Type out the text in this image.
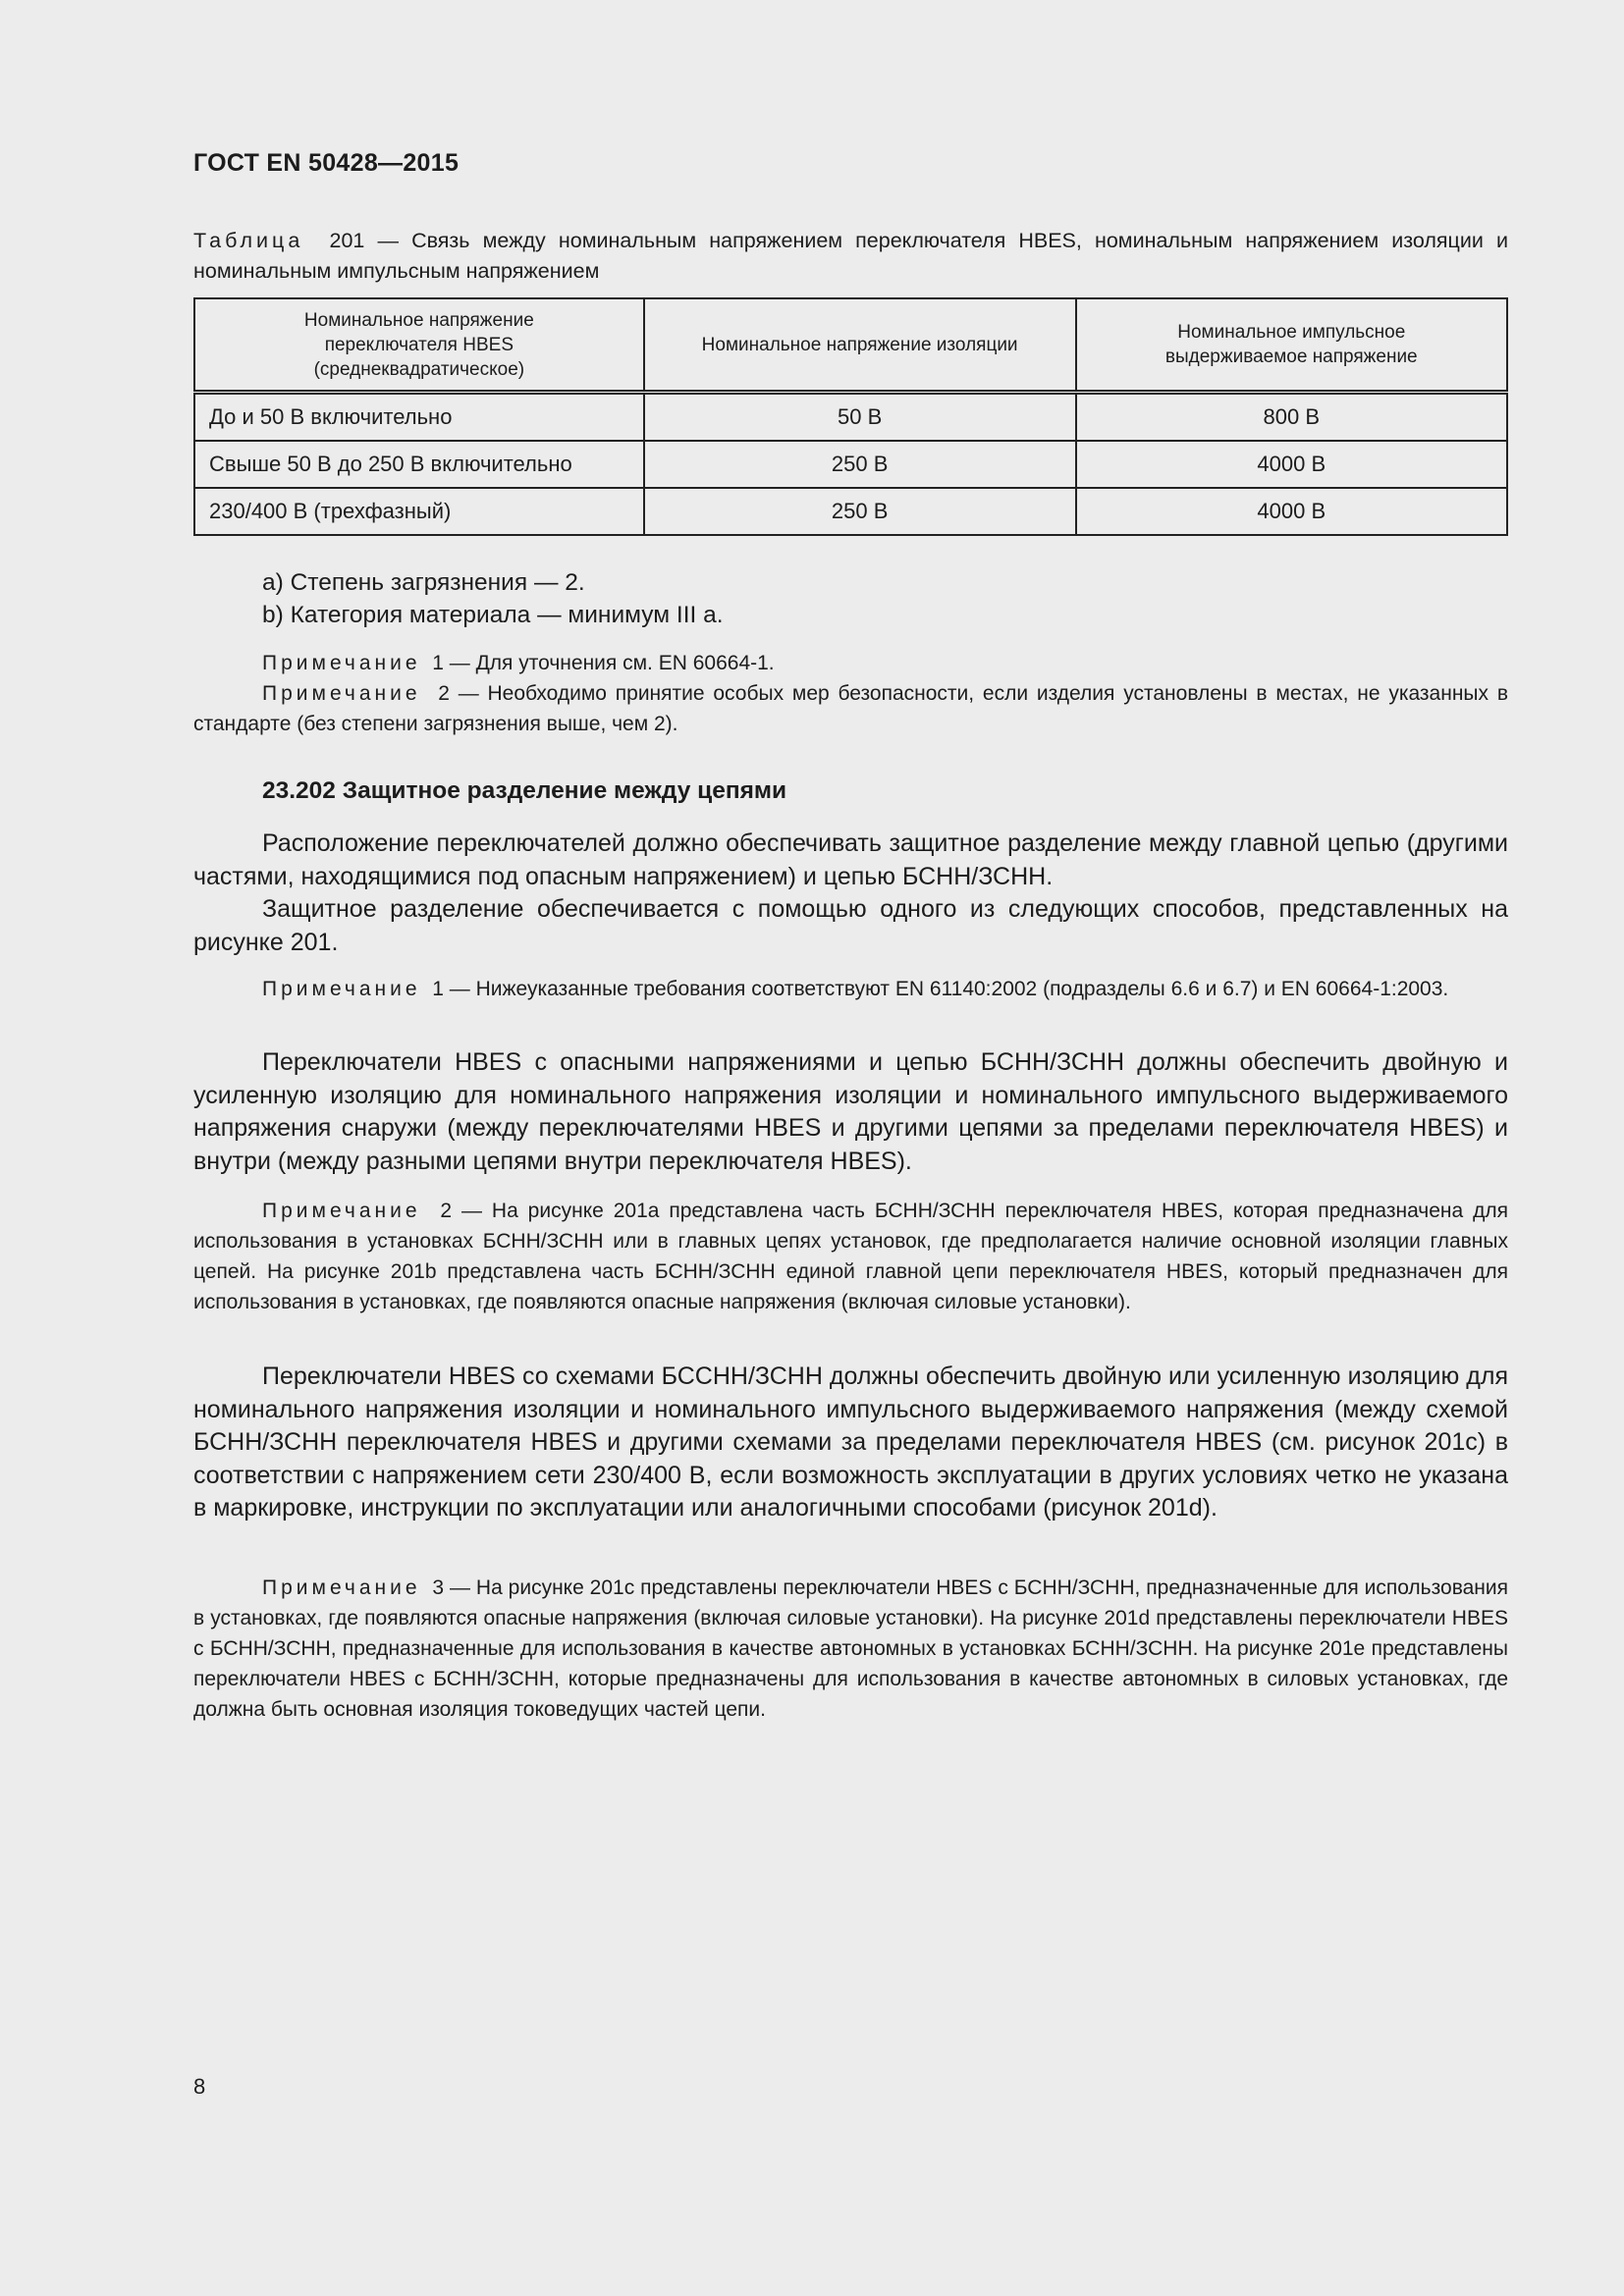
ГОСТ EN 50428—2015
Таблица 201 — Связь между номинальным напряжением переключателя HBES, номинальным напряжением изоляции и номинальным импульсным напряжением
Номинальное напряжение переключателя HBES (среднеквадратическое)	Номинальное напряжение изоляции	Номинальное импульсное выдерживаемое напряжение
До и 50 В включительно	50 В	800 В
Свыше 50 В до 250 В включительно	250 В	4000 В
230/400 В (трехфазный)	250 В	4000 В
a) Степень загрязнения — 2.
b) Категория материала — минимум III a.

Примечание 1 — Для уточнения см. EN 60664-1.

Примечание 2 — Необходимо принятие особых мер безопасности, если изделия установлены в местах, не указанных в стандарте (без степени загрязнения выше, чем 2).

23.202 Защитное разделение между цепями

Расположение переключателей должно обеспечивать защитное разделение между главной цепью (другими частями, находящимися под опасным напряжением) и цепью БСНН/ЗСНН.

Защитное разделение обеспечивается с помощью одного из следующих способов, представленных на рисунке 201.

Примечание 1 — Нижеуказанные требования соответствуют EN 61140:2002 (подразделы 6.6 и 6.7) и EN 60664-1:2003.

Переключатели HBES с опасными напряжениями и цепью БСНН/ЗСНН должны обеспечить двойную и усиленную изоляцию для номинального напряжения изоляции и номинального импульсного выдерживаемого напряжения снаружи (между переключателями HBES и другими цепями за пределами переключателя HBES) и внутри (между разными цепями внутри переключателя HBES).

Примечание 2 — На рисунке 201a представлена часть БСНН/ЗСНН переключателя HBES, которая предназначена для использования в установках БСНН/ЗСНН или в главных цепях установок, где предполагается наличие основной изоляции главных цепей. На рисунке 201b представлена часть БСНН/ЗСНН единой главной цепи переключателя HBES, который предназначен для использования в установках, где появляются опасные напряжения (включая силовые установки).

Переключатели HBES со схемами БССНН/ЗСНН должны обеспечить двойную или усиленную изоляцию для номинального напряжения изоляции и номинального импульсного выдерживаемого напряжения (между схемой БСНН/ЗСНН переключателя HBES и другими схемами за пределами переключателя HBES (см. рисунок 201c) в соответствии с напряжением сети 230/400 В, если возможность эксплуатации в других условиях четко не указана в маркировке, инструкции по эксплуатации или аналогичными способами (рисунок 201d).

Примечание 3 — На рисунке 201c представлены переключатели HBES с БСНН/ЗСНН, предназначенные для использования в установках, где появляются опасные напряжения (включая силовые установки). На рисунке 201d представлены переключатели HBES с БСНН/ЗСНН, предназначенные для использования в качестве автономных в установках БСНН/ЗСНН. На рисунке 201e представлены переключатели HBES с БСНН/ЗСНН, которые предназначены для использования в качестве автономных в силовых установках, где должна быть основная изоляция токоведущих частей цепи.

8
